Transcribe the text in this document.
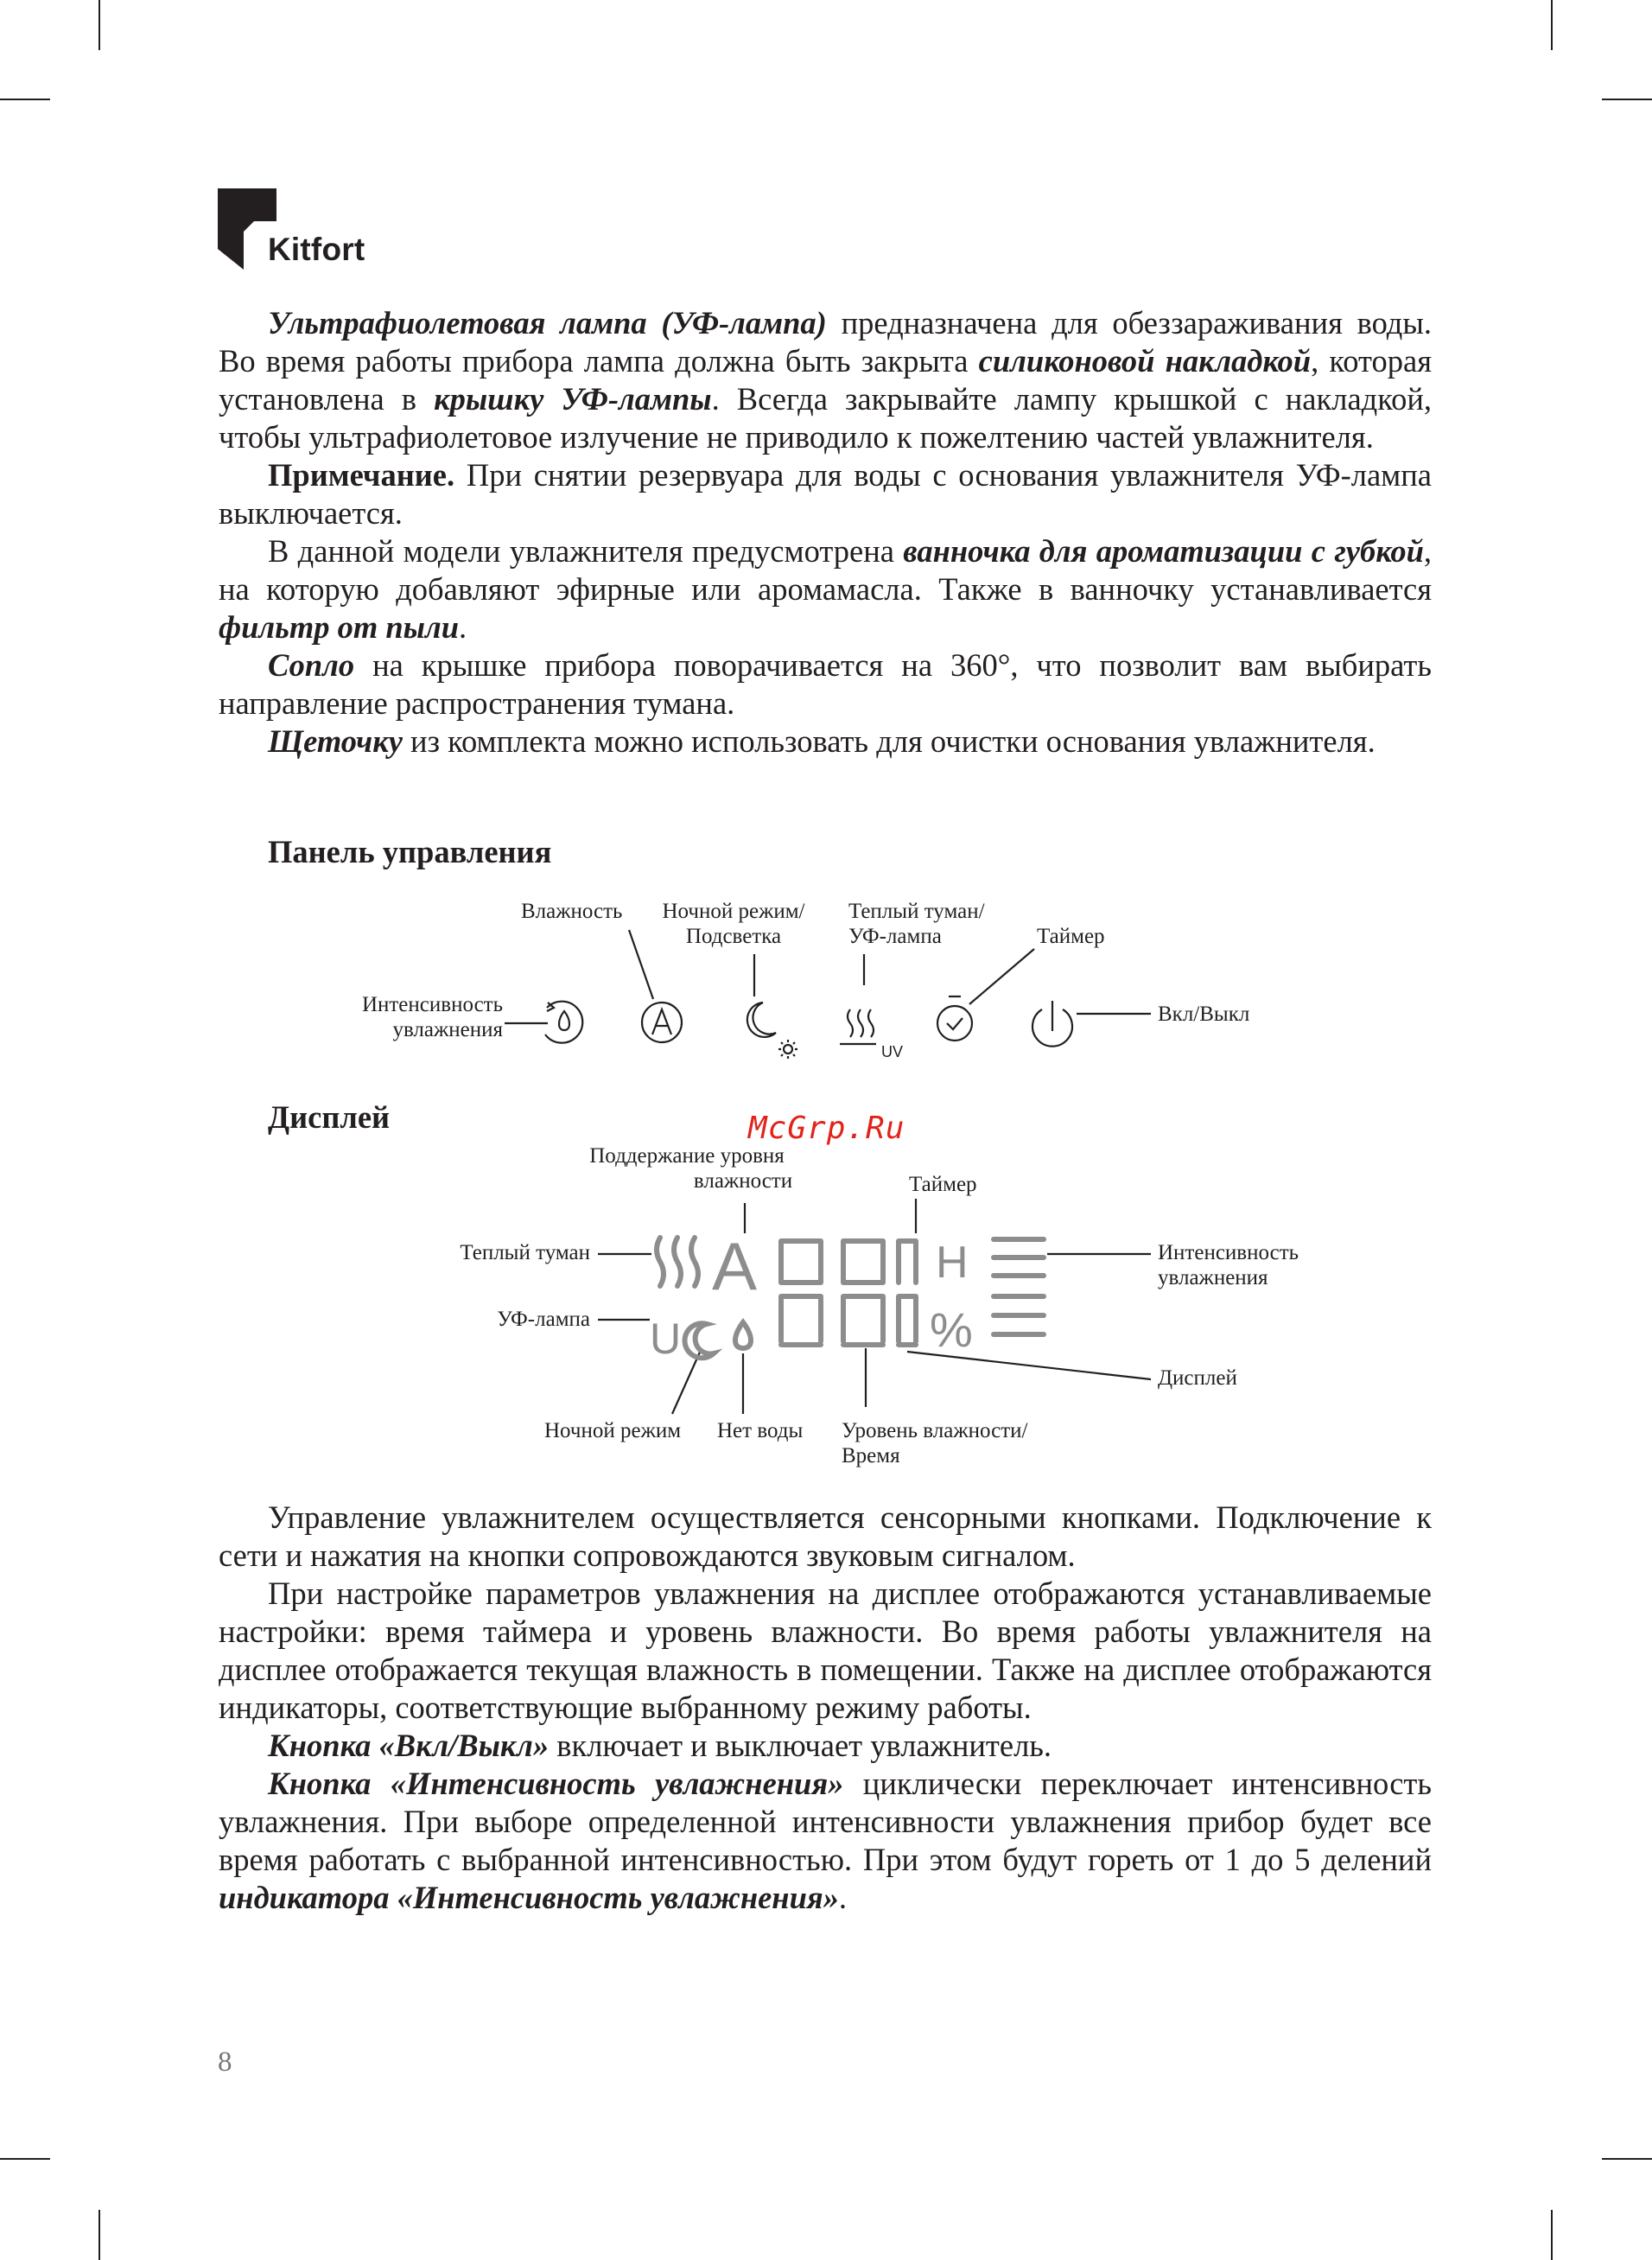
Kitfort

Ультрафиолетовая лампа (УФ-лампа) предназначена для обеззараживания воды. Во время работы прибора лампа должна быть закрыта силиконовой накладкой, которая установлена в крышку УФ-лампы. Всегда закрывайте лампу крышкой с накладкой, чтобы ультрафиолетовое излучение не приводило к пожелтению частей увлажнителя.

Примечание. При снятии резервуара для воды с основания увлажнителя УФ-лампа выключается.

В данной модели увлажнителя предусмотрена ванночка для ароматизации с губкой, на которую добавляют эфирные или аромамасла. Также в ванночку устанавливается фильтр от пыли.

Сопло на крышке прибора поворачивается на 360°, что позволит вам выбирать направление распространения тумана.

Щеточку из комплекта можно использовать для очистки основания увлажнителя.

Панель управления
Влажность	Ночной режим/
Подсветка
Теплый туман/
УФ-лампа	Таймер
Интенсивность
увлажнения
Вкл/Выкл
UV
McGrp.Ru
Дисплей
Поддержание уровня
влажности	Таймер
Теплый туман	Интенсивность
увлажнения
УФ-лампа
Дисплей
Ночной режим Нет воды Уровень влажности/
Время
A	H
%
U

Управление увлажнителем осуществляется сенсорными кнопками. Подключение к сети и нажатия на кнопки сопровождаются звуковым сигналом.

При настройке параметров увлажнения на дисплее отображаются устанавливаемые настройки: время таймера и уровень влажности. Во время работы увлажнителя на дисплее отображается текущая влажность в помещении. Также на дисплее отображаются индикаторы, соответствующие выбранному режиму работы.

Кнопка «Вкл/Выкл» включает и выключает увлажнитель.

Кнопка «Интенсивность увлажнения» циклически переключает интенсивность увлажнения. При выборе определенной интенсивности увлажнения прибор будет все время работать с выбранной интенсивностью. При этом будут гореть от 1 до 5 делений индикатора «Интенсивность увлажнения».

8
